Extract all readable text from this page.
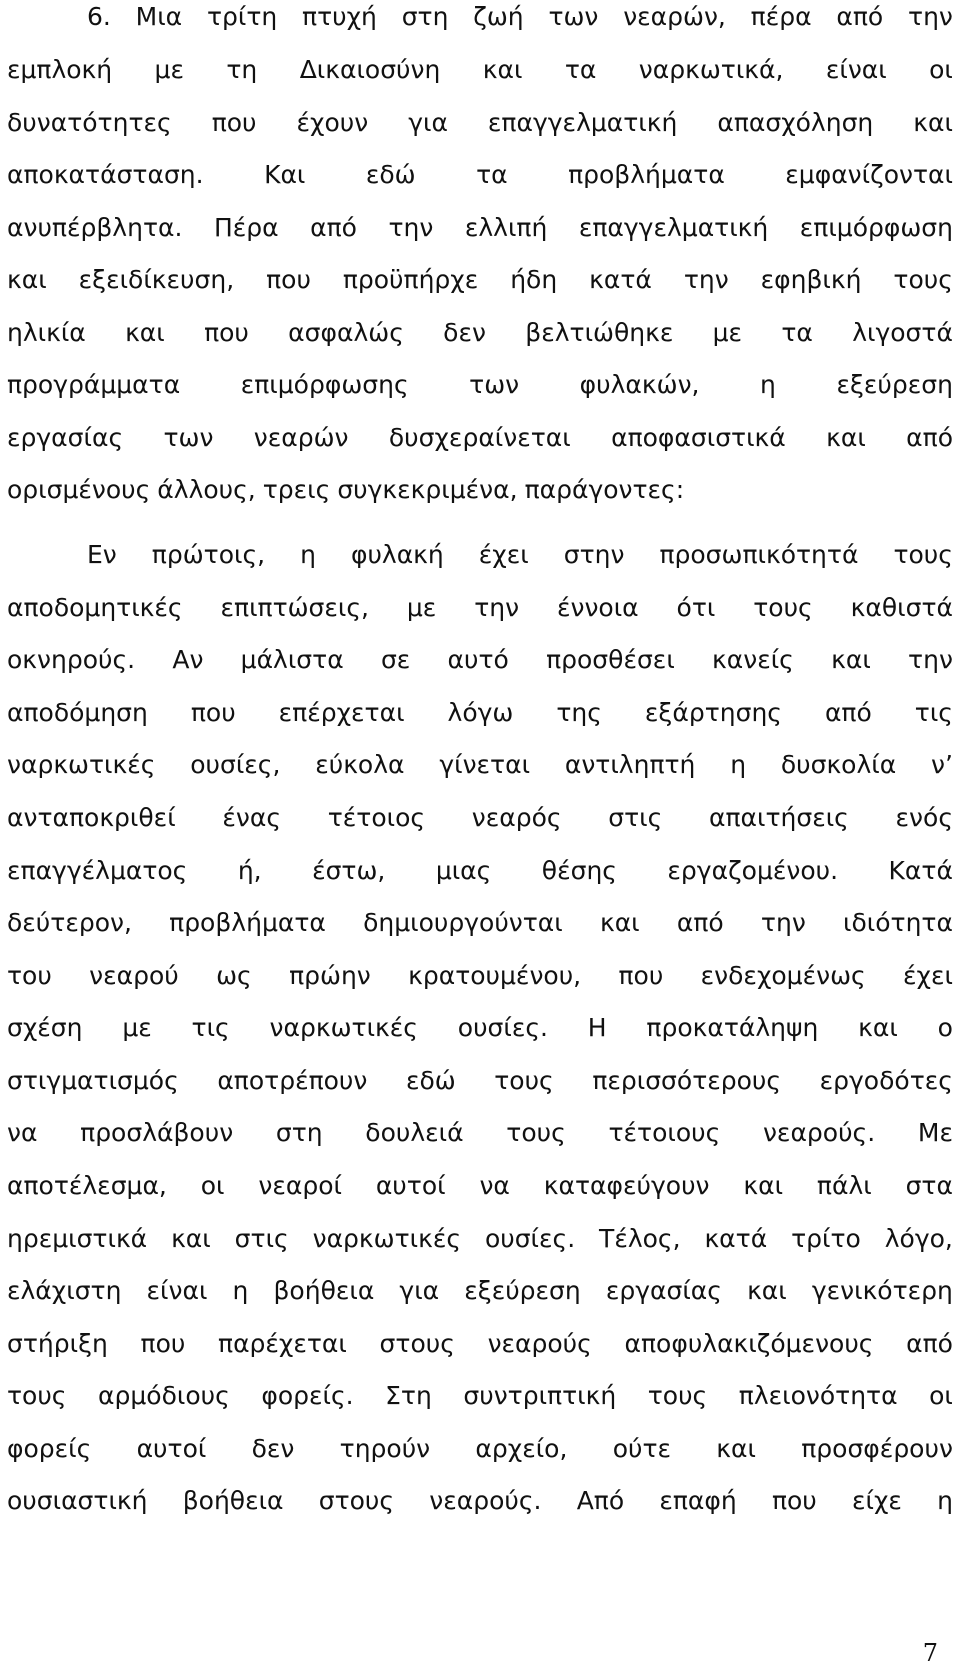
6. Μια τρίτη πτυχή στη ζωή των νεαρών, πέρα από την
εμπλοκή με τη Δικαιοσύνη και τα ναρκωτικά, είναι οι
δυνατότητες που έχουν για επαγγελματική απασχόληση και
αποκατάσταση. Και εδώ τα προβλήματα εμφανίζονται
ανυπέρβλητα. Πέρα από την ελλιπή επαγγελματική επιμόρφωση
και εξειδίκευση, που προϋπήρχε ήδη κατά την εφηβική τους
ηλικία και που ασφαλώς δεν βελτιώθηκε με τα λιγοστά
προγράμματα επιμόρφωσης των φυλακών, η εξεύρεση
εργασίας των νεαρών δυσχεραίνεται αποφασιστικά και από
ορισμένους άλλους, τρεις συγκεκριμένα, παράγοντες:
Εν πρώτοις, η φυλακή έχει στην προσωπικότητά τους
αποδομητικές επιπτώσεις, με την έννοια ότι τους καθιστά
οκνηρούς. Αν μάλιστα σε αυτό προσθέσει κανείς και την
αποδόμηση που επέρχεται λόγω της εξάρτησης από τις
ναρκωτικές ουσίες, εύκολα γίνεται αντιληπτή η δυσκολία ν’
ανταποκριθεί ένας τέτοιος νεαρός στις απαιτήσεις ενός
επαγγέλματος ή, έστω, μιας θέσης εργαζομένου. Κατά
δεύτερον, προβλήματα δημιουργούνται και από την ιδιότητα
του νεαρού ως πρώην κρατουμένου, που ενδεχομένως έχει
σχέση με τις ναρκωτικές ουσίες. Η προκατάληψη και ο
στιγματισμός αποτρέπουν εδώ τους περισσότερους εργοδότες
να προσλάβουν στη δουλειά τους τέτοιους νεαρούς. Με
αποτέλεσμα, οι νεαροί αυτοί να καταφεύγουν και πάλι στα
ηρεμιστικά και στις ναρκωτικές ουσίες. Τέλος, κατά τρίτο λόγο,
ελάχιστη είναι η βοήθεια για εξεύρεση εργασίας και γενικότερη
στήριξη που παρέχεται στους νεαρούς αποφυλακιζόμενους από
τους αρμόδιους φορείς. Στη συντριπτική τους πλειονότητα οι
φορείς αυτοί δεν τηρούν αρχείο, ούτε και προσφέρουν
ουσιαστική βοήθεια στους νεαρούς. Από επαφή που είχε η
7
